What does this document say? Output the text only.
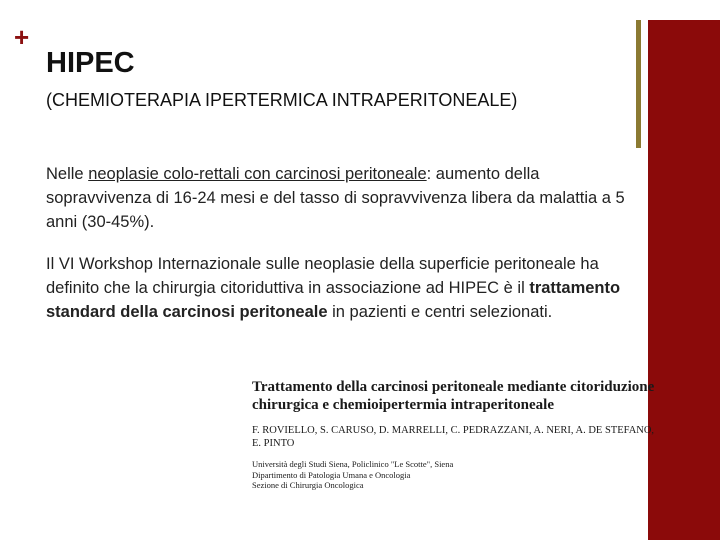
+
HIPEC
(CHEMIOTERAPIA IPERTERMICA INTRAPERITONEALE)
Nelle neoplasie colo-rettali con carcinosi peritoneale: aumento della sopravvivenza di 16-24 mesi e del tasso di sopravvivenza libera da malattia a 5 anni (30-45%).
Il VI Workshop Internazionale sulle neoplasie della superficie peritoneale ha definito che la chirurgia citoriduttiva in associazione ad HIPEC è il trattamento standard della carcinosi peritoneale in pazienti e centri selezionati.
Trattamento della carcinosi peritoneale mediante citoriduzione
chirurgica e chemioipertermia intraperitoneale
F. ROVIELLO, S. CARUSO, D. MARRELLI, C. PEDRAZZANI, A. NERI, A. DE STEFANO,
E. PINTO
Università degli Studi Siena, Policlinico "Le Scotte", Siena
Dipartimento di Patologia Umana e Oncologia
Sezione di Chirurgia Oncologica
